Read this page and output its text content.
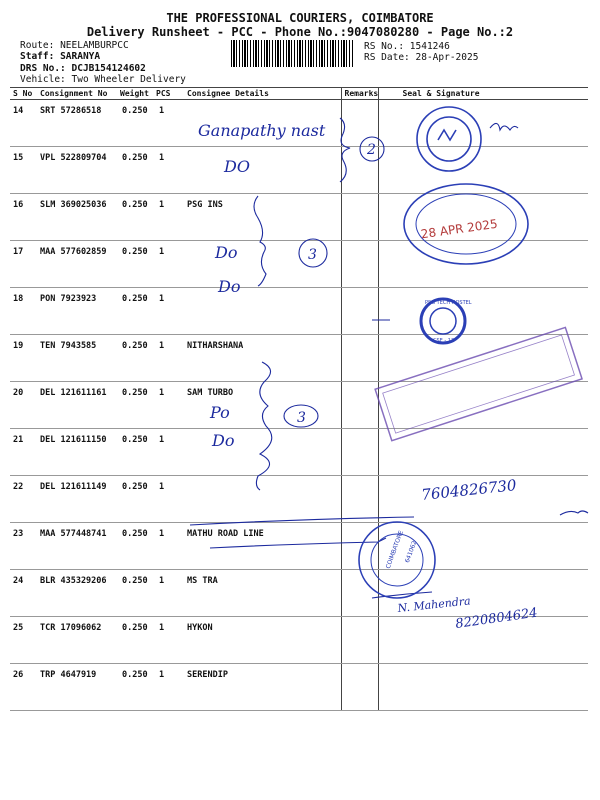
THE PROFESSIONAL COURIERS, COIMBATORE
Delivery Runsheet - PCC - Phone No.:9047080280 - Page No.:2
Route: NEELAMBURPCC
Staff: SARANYA
DRS No.: DCJB154124602
Vehicle: Two Wheeler Delivery
RS No.: 1541246
RS Date: 28-Apr-2025
S No	Consignment No	Weight	PCS	Consignee Details	Remarks	Seal & Signature
14	SRT 57286518	0.250	1			
15	VPL 522809704	0.250	1			
16	SLM 369025036	0.250	1	PSG INS		
17	MAA 577602859	0.250	1			
18	PON 7923923	0.250	1			
19	TEN 7943585	0.250	1	NITHARSHANA		
20	DEL 121611161	0.250	1	SAM TURBO		
21	DEL 121611150	0.250	1			
22	DEL 121611149	0.250	1			
23	MAA 577448741	0.250	1	MATHU ROAD LINE		
24	BLR 435329206	0.250	1	MS TRA		
25	TCR 17096062	0.250	1	HYKON		
26	TRP 4647919	0.250	1	SERENDIP		
Ganapathy nast
DO
Do
Do
Po
Do
2
3
3
7604826730
N. Mahendra
8220804624
28 APR 2025
PSG TECH HOSTEL
CSE - 12
COIMBATORE
641062
